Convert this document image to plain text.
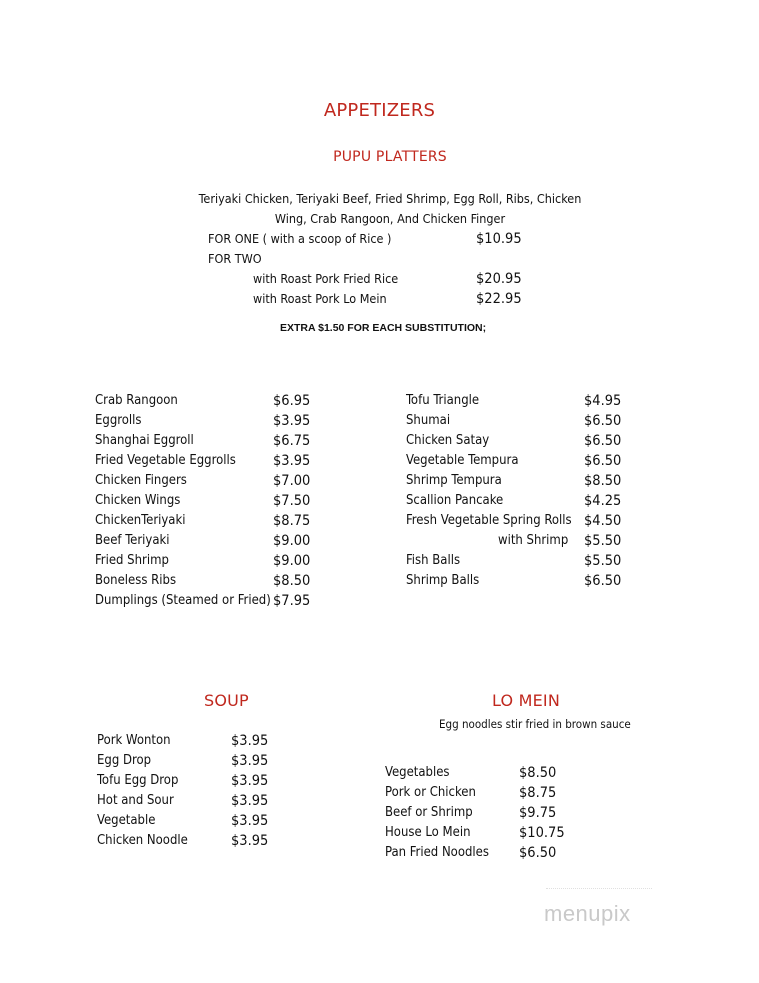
APPETIZERS
PUPU PLATTERS
Teriyaki Chicken, Teriyaki Beef, Fried Shrimp, Egg Roll, Ribs, Chicken
Wing, Crab Rangoon, And Chicken Finger
FOR ONE ( with a scoop of Rice )	$10.95
FOR TWO
with Roast Pork Fried Rice	$20.95
with Roast Pork Lo Mein	$22.95
EXTRA $1.50 FOR EACH SUBSTITUTION;
Crab Rangoon	$6.95
Eggrolls	$3.95
Shanghai Eggroll	$6.75
Fried Vegetable Eggrolls	$3.95
Chicken Fingers	$7.00
Chicken Wings	$7.50
ChickenTeriyaki	$8.75
Beef Teriyaki	$9.00
Fried Shrimp	$9.00
Boneless Ribs	$8.50
Dumplings (Steamed or Fried) $7.95
Tofu Triangle	$4.95
Shumai	$6.50
Chicken Satay	$6.50
Vegetable Tempura	$6.50
Shrimp Tempura	$8.50
Scallion Pancake	$4.25
Fresh Vegetable Spring Rolls $4.50
with Shrimp $5.50
Fish Balls	$5.50
Shrimp Balls	$6.50
SOUP
Pork Wonton	$3.95
Egg Drop	$3.95
Tofu Egg Drop	$3.95
Hot and Sour	$3.95
Vegetable	$3.95
Chicken Noodle	$3.95
LO MEIN
Egg noodles stir fried in brown sauce
Vegetables	$8.50
Pork or Chicken	$8.75
Beef or Shrimp	$9.75
House Lo Mein	$10.75
Pan Fried Noodles $6.50
menupix
